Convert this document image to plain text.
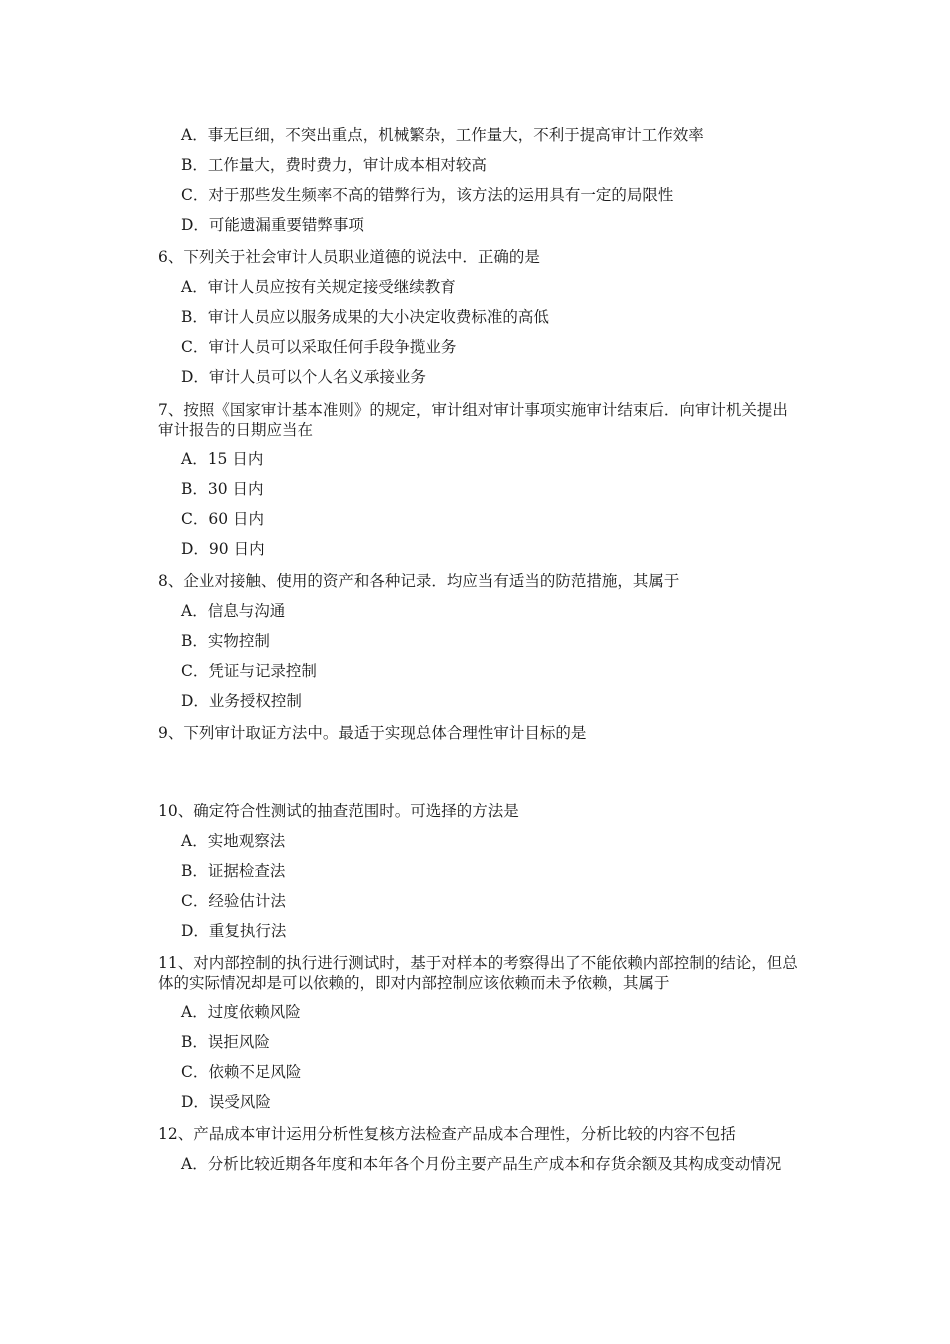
A．事无巨细，不突出重点，机械繁杂，工作量大，不利于提高审计工作效率
B．工作量大，费时费力，审计成本相对较高
C．对于那些发生频率不高的错弊行为，该方法的运用具有一定的局限性
D．可能遗漏重要错弊事项
6、下列关于社会审计人员职业道德的说法中．正确的是
A．审计人员应按有关规定接受继续教育
B．审计人员应以服务成果的大小决定收费标准的高低
C．审计人员可以采取任何手段争揽业务
D．审计人员可以个人名义承接业务
7、按照《国家审计基本准则》的规定，审计组对审计事项实施审计结束后．向审计机关提出审计报告的日期应当在
A．15 日内
B．30 日内
C．60 日内
D．90 日内
8、企业对接触、使用的资产和各种记录．均应当有适当的防范措施，其属于
A．信息与沟通
B．实物控制
C．凭证与记录控制
D．业务授权控制
9、下列审计取证方法中。最适于实现总体合理性审计目标的是
10、确定符合性测试的抽查范围时。可选择的方法是
A．实地观察法
B．证据检查法
C．经验估计法
D．重复执行法
11、对内部控制的执行进行测试时，基于对样本的考察得出了不能依赖内部控制的结论，但总体的实际情况却是可以依赖的，即对内部控制应该依赖而未予依赖，其属于
A．过度依赖风险
B．误拒风险
C．依赖不足风险
D．误受风险
12、产品成本审计运用分析性复核方法检查产品成本合理性，分析比较的内容不包括
A．分析比较近期各年度和本年各个月份主要产品生产成本和存货余额及其构成变动情况
